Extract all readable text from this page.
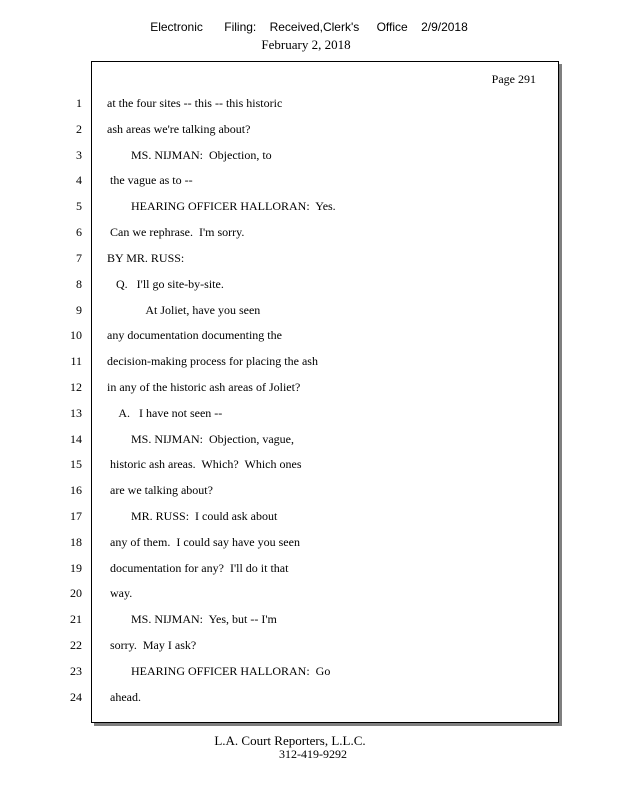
Electronic Filing: Received,Clerk's Office 2/9/2018
February 2, 2018
Page 291
1
2
3
4
5
6
7
8
9
10
11
12
13
14
15
16
17
18
19
20
21
22
23
24
at the four sites -- this -- this historic
ash areas we're talking about?
MS. NIJMAN:  Objection, to
the vague as to --
HEARING OFFICER HALLORAN:  Yes.
Can we rephrase.  I'm sorry.
BY MR. RUSS:
Q.   I'll go site-by-site.
At Joliet, have you seen
any documentation documenting the
decision-making process for placing the ash
in any of the historic ash areas of Joliet?
A.   I have not seen --
MS. NIJMAN:  Objection, vague,
historic ash areas.  Which?  Which ones
are we talking about?
MR. RUSS:  I could ask about
any of them.  I could say have you seen
documentation for any?  I'll do it that
way.
MS. NIJMAN:  Yes, but -- I'm
sorry.  May I ask?
HEARING OFFICER HALLORAN:  Go
ahead.
L.A. Court Reporters, L.L.C.
312-419-9292
